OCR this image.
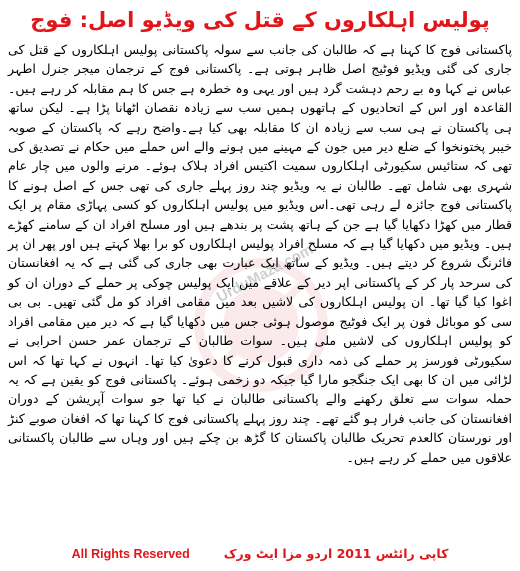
پولیس اہلکاروں کے قتل کی ویڈیو اصل: فوج
UrduMaza.com

پاکستانی فوج کا کہنا ہے کہ طالبان کی جانب سے سولہ پاکستانی پولیس اہلکاروں کے قتل کی جاری کی گئی ویڈیو فوٹیج اصل ظاہر ہوتی ہے۔ پاکستانی فوج کے ترجمان میجر جنرل اطہر عباس نے کہا وہ بے رحم دہشت گرد ہیں اور یہی وہ خطرہ ہے جس کا ہم مقابلہ کر رہے ہیں۔القاعدہ اور اس کے اتحادیوں کے ہاتھوں ہمیں سب سے زیادہ نقصان اٹھانا پڑا ہے۔ لیکن ساتھ ہی پاکستان نے ہی سب سے زیادہ ان کا مقابلہ بھی کیا ہے۔واضح رہے کہ پاکستان کے صوبہ خیبر پختونخوا کے ضلع دیر میں جون کے مہینے میں ہونے والے اس حملے میں حکام نے تصدیق کی تھی کہ ستائیس سکیورٹی اہلکاروں سمیت اکتیس افراد ہلاک ہوئے۔ مرنے والوں میں چار عام شہری بھی شامل تھے۔ طالبان نے یہ ویڈیو چند روز پہلے جاری کی تھی جس کے اصل ہونے کا پاکستانی فوج جائزہ لے رہی تھی۔اس ویڈیو میں پولیس اہلکاروں کو کسی پہاڑی مقام پر ایک قطار میں کھڑا دکھایا گیا ہے جن کے ہاتھ پشت پر بندھے ہیں اور مسلح افراد ان کے سامنے کھڑے ہیں۔ ویڈیو میں دکھایا گیا ہے کہ مسلح افراد پولیس اہلکاروں کو برا بھلا کہتے ہیں اور پھر ان پر فائرنگ شروع کر دیتے ہیں۔ ویڈیو کے ساتھ ایک عبارت بھی جاری کی گئی ہے کہ یہ افغانستان کی سرحد پار کر کے پاکستانی اپر دیر کے علاقے میں ایک پولیس چوکی پر حملے کے دوران ان کو اغوا کیا گیا تھا۔ ان پولیس اہلکاروں کی لاشیں بعد میں مقامی افراد کو مل گئی تھیں۔ بی بی سی کو موبائل فون پر ایک فوٹیج موصول ہوئی جس میں دکھایا گیا ہے کہ دیر میں مقامی افراد کو پولیس اہلکاروں کی لاشیں ملی ہیں۔ سوات طالبان کے ترجمان عمر حسن احرابی نے سکیورٹی فورسز پر حملے کی ذمہ داری قبول کرنے کا دعویٰ کیا تھا۔ انہوں نے کہا تھا کہ اس لڑائی میں ان کا بھی ایک جنگجو مارا گیا جبکہ دو زخمی ہوئے۔ پاکستانی فوج کو یقین ہے کہ یہ حملہ سوات سے تعلق رکھنے والے پاکستانی طالبان نے کیا تھا جو سوات آپریشن کے دوران افغانستان کی جانب فرار ہو گئے تھے۔ چند روز پہلے پاکستانی فوج کا کہنا تھا کہ افغان صوبے کنڑ اور نورستان کالعدم تحریک طالبان پاکستان کا گڑھ بن چکے ہیں اور وہاں سے طالبان پاکستانی علاقوں میں حملے کر رہے ہیں۔

All Rights Reserved	کاپی رائٹس 2011 اردو مزا ایٹ ورک
